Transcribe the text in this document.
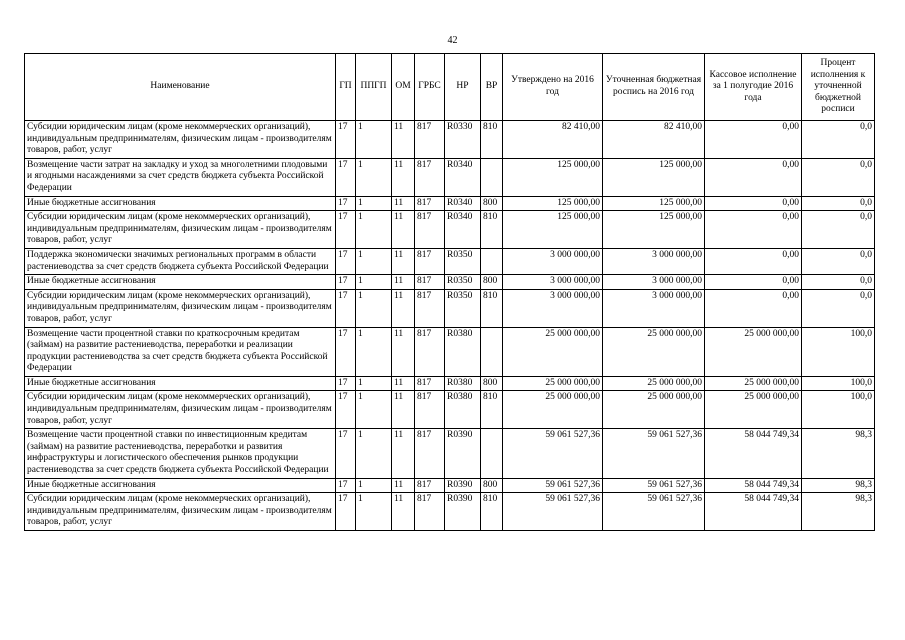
42
Наименование	ГП	ППГП	ОМ	ГРБС	НР	ВР	Утверждено на 2016 год	Уточненная бюджетная роспись на 2016 год	Кассовое исполнение за 1 полугодие 2016 года	Процент исполнения к уточненной бюджетной росписи
Субсидии юридическим лицам (кроме некоммерческих организаций), индивидуальным предпринимателям, физическим лицам - производителям товаров, работ, услуг	17	1	11	817	R0330	810	82 410,00	82 410,00	0,00	0,0
Возмещение части затрат на закладку и уход за многолетними плодовыми и ягодными насаждениями за счет средств бюджета субъекта Российской Федерации	17	1	11	817	R0340		125 000,00	125 000,00	0,00	0,0
Иные бюджетные ассигнования	17	1	11	817	R0340	800	125 000,00	125 000,00	0,00	0,0
Субсидии юридическим лицам (кроме некоммерческих организаций), индивидуальным предпринимателям, физическим лицам - производителям товаров, работ, услуг	17	1	11	817	R0340	810	125 000,00	125 000,00	0,00	0,0
Поддержка экономически значимых региональных программ в области растениеводства за счет средств бюджета субъекта Российской Федерации	17	1	11	817	R0350		3 000 000,00	3 000 000,00	0,00	0,0
Иные бюджетные ассигнования	17	1	11	817	R0350	800	3 000 000,00	3 000 000,00	0,00	0,0
Субсидии юридическим лицам (кроме некоммерческих организаций), индивидуальным предпринимателям, физическим лицам - производителям товаров, работ, услуг	17	1	11	817	R0350	810	3 000 000,00	3 000 000,00	0,00	0,0
Возмещение части процентной ставки по краткосрочным кредитам (займам) на развитие растениеводства, переработки и реализации продукции растениеводства за счет средств бюджета субъекта Российской Федерации	17	1	11	817	R0380		25 000 000,00	25 000 000,00	25 000 000,00	100,0
Иные бюджетные ассигнования	17	1	11	817	R0380	800	25 000 000,00	25 000 000,00	25 000 000,00	100,0
Субсидии юридическим лицам (кроме некоммерческих организаций), индивидуальным предпринимателям, физическим лицам - производителям товаров, работ, услуг	17	1	11	817	R0380	810	25 000 000,00	25 000 000,00	25 000 000,00	100,0
Возмещение части процентной ставки по инвестиционным кредитам (займам) на развитие растениеводства, переработки и развития инфраструктуры и логистического обеспечения рынков продукции растениеводства за счет средств бюджета субъекта Российской Федерации	17	1	11	817	R0390		59 061 527,36	59 061 527,36	58 044 749,34	98,3
Иные бюджетные ассигнования	17	1	11	817	R0390	800	59 061 527,36	59 061 527,36	58 044 749,34	98,3
Субсидии юридическим лицам (кроме некоммерческих организаций), индивидуальным предпринимателям, физическим лицам - производителям товаров, работ, услуг	17	1	11	817	R0390	810	59 061 527,36	59 061 527,36	58 044 749,34	98,3
